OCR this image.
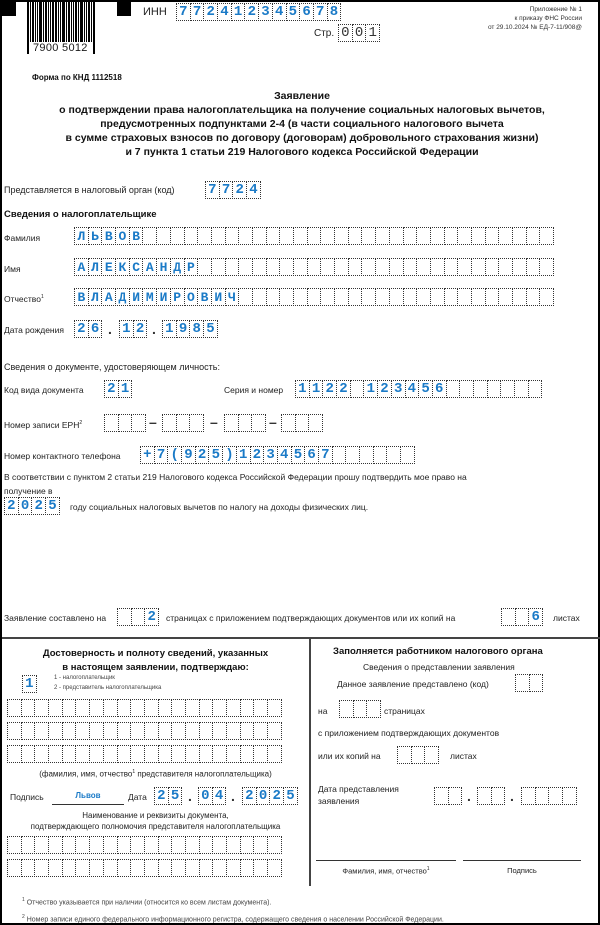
7900 5012
ИНН 7 7 2 4 1 2 3 4 5 6 7 8
Стр. 0 0 1
Приложение № 1
к приказу ФНС России
от 29.10.2024 № ЕД-7-11/908@
Форма по КНД 1112518
Заявление
о подтверждении права налогоплательщика на получение социальных налоговых вычетов,
предусмотренных подпунктами 2-4 (в части социального налогового вычета
в сумме страховых взносов по договору (договорам) добровольного страхования жизни)
и 7 пункта 1 статьи 219 Налогового кодекса Российской Федерации
Представляется в налоговый орган (код) 7 7 2 4
Сведения о налогоплательщике
Фамилия	Л Ь В О В
Имя	А Л Е К С А Н Д Р
Отчество$^1$	В Л А Д И М И Р О В И Ч
Дата рождения 2 6 . 1 2 . 1 9 8 5
Сведения о документе, удостоверяющем личность:
Код вида документа 2 1	Серия и номер 1 1 2 2 1 2 3 4 5 6
Номер записи ЕРН$^2$	–	–	–
Номер контактного телефона + 7 ( 9 2 5 ) 1 2 3 4 5 6 7
В соответствии с пунктом 2 статьи 219 Налогового кодекса Российской Федерации прошу подтвердить мое право на
получение в
2 0 2 5	году социальных налоговых вычетов по налогу на доходы физических лиц.
Заявление составлено на	2	страницах с приложением подтверждающих документов или их копий на	6	листах
Достоверность и полноту сведений, указанных
в настоящем заявлении, подтверждаю:
1	1 - налогоплательщик
2 - представитель налогоплательщика
(фамилия, имя, отчество$^1$ представителя налогоплательщика)
Подпись	Львов	Дата 2 5 . 0 4 . 2 0 2 5
Наименование и реквизиты документа,
подтверждающего полномочия представителя налогоплательщика
Заполняется работником налогового органа
Сведения о представлении заявления
Данное заявление представлено (код)
на	страницах
с приложением подтверждающих документов
или их копий на	листах
Дата представления
заявления	.	.
Фамилия, имя, отчество$^1$	Подпись
$^1$ Отчество указывается при наличии (относится ко всем листам документа).
$^2$ Номер записи единого федерального информационного регистра, содержащего сведения о населении Российской Федерации.
